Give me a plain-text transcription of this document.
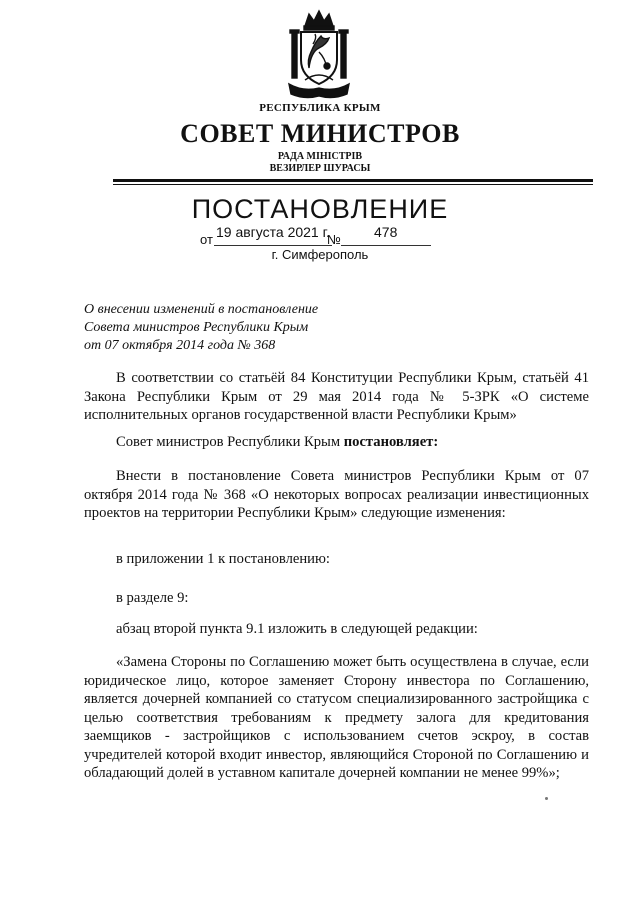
РЕСПУБЛИКА КРЫМ
СОВЕТ МИНИСТРОВ
РАДА МІНІСТРІВ
ВЕЗИРЛЕР ШУРАСЫ
ПОСТАНОВЛЕНИЕ
от 19 августа 2021 г.
№ 478
г. Симферополь
О внесении изменений в постановление
Совета министров Республики Крым
от 07 октября 2014 года № 368
В соответствии со статьёй 84 Конституции Республики Крым, статьёй 41 Закона Республики Крым от 29 мая 2014 года № 5-ЗРК «О системе исполнительных органов государственной власти Республики Крым»
Совет министров Республики Крым постановляет:
Внести в постановление Совета министров Республики Крым от 07 октября 2014 года № 368 «О некоторых вопросах реализации инвестиционных проектов на территории Республики Крым» следующие изменения:
в приложении 1 к постановлению:
в разделе 9:
абзац второй пункта 9.1 изложить в следующей редакции:
«Замена Стороны по Соглашению может быть осуществлена в случае, если юридическое лицо, которое заменяет Сторону инвестора по Соглашению, является дочерней компанией со статусом специализированного застройщика с целью соответствия требованиям к предмету залога для кредитования заемщиков - застройщиков с использованием счетов эскроу, в состав учредителей которой входит инвестор, являющийся Стороной по Соглашению и обладающий долей в уставном капитале дочерней компании не менее 99%»;
